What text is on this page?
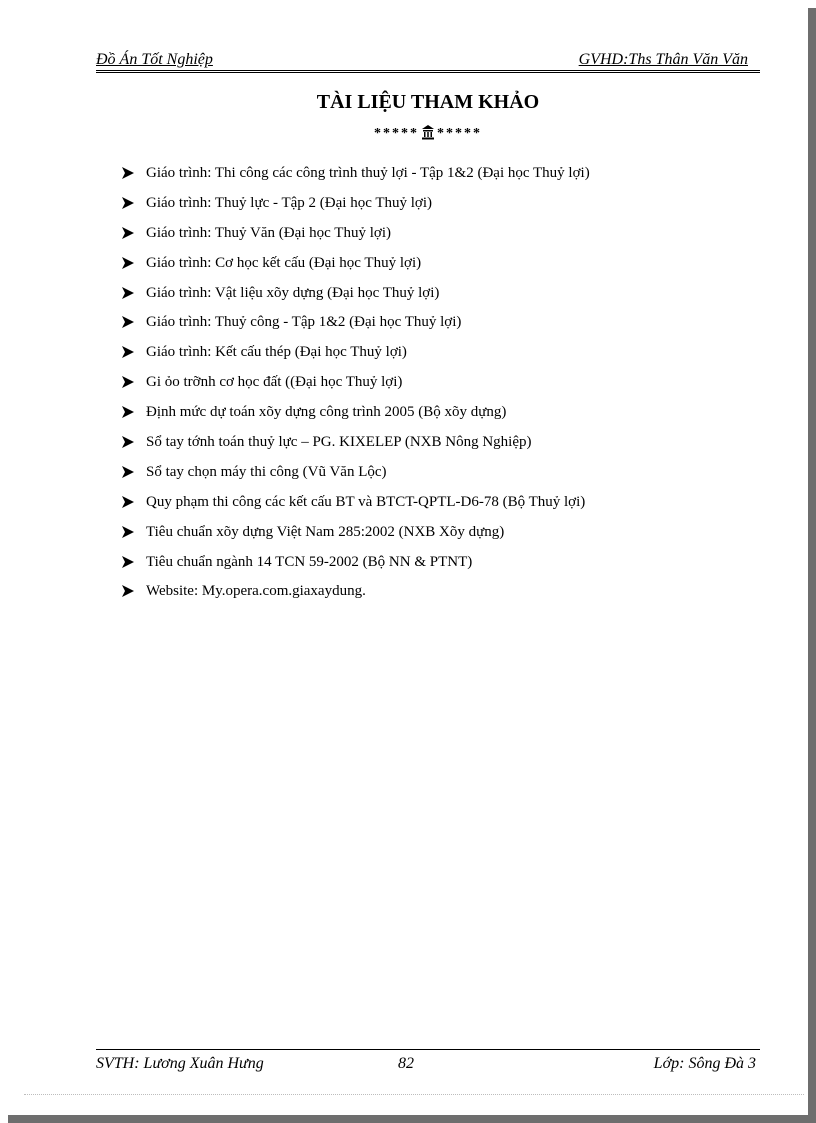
Đồ Án Tốt Nghiệp	GVHD:Ths Thân Văn Văn
TÀI LIỆU THAM KHẢO
***** *****
Giáo trình: Thi công các công trình thuỷ lợi - Tập 1&2 (Đại học Thuỷ lợi)
Giáo trình: Thuỷ lực - Tập 2 (Đại học Thuỷ lợi)
Giáo trình: Thuỷ Văn (Đại học Thuỷ lợi)
Giáo trình: Cơ học kết cấu (Đại học Thuỷ lợi)
Giáo trình: Vật liệu xõy dựng (Đại học Thuỷ lợi)
Giáo trình: Thuỷ công - Tập 1&2 (Đại học Thuỷ lợi)
Giáo trình: Kết cấu thép (Đại học Thuỷ lợi)
Gi ỏo trỡnh cơ học đất ((Đại học Thuỷ lợi)
Định mức dự toán xõy dựng công trình 2005 (Bộ xõy dựng)
Sổ tay tớnh toán thuỷ lực – PG. KIXELEP (NXB Nông Nghiệp)
Sổ tay chọn máy thi công (Vũ Văn Lộc)
Quy phạm thi công các kết cấu BT và BTCT-QPTL-D6-78 (Bộ Thuỷ lợi)
Tiêu chuẩn xõy dựng Việt Nam 285:2002 (NXB Xõy dựng)
Tiêu chuẩn ngành 14 TCN 59-2002 (Bộ NN & PTNT)
Website: My.opera.com.giaxaydung.
SVTH: Lương Xuân Hưng	82	Lớp: Sông Đà 3
